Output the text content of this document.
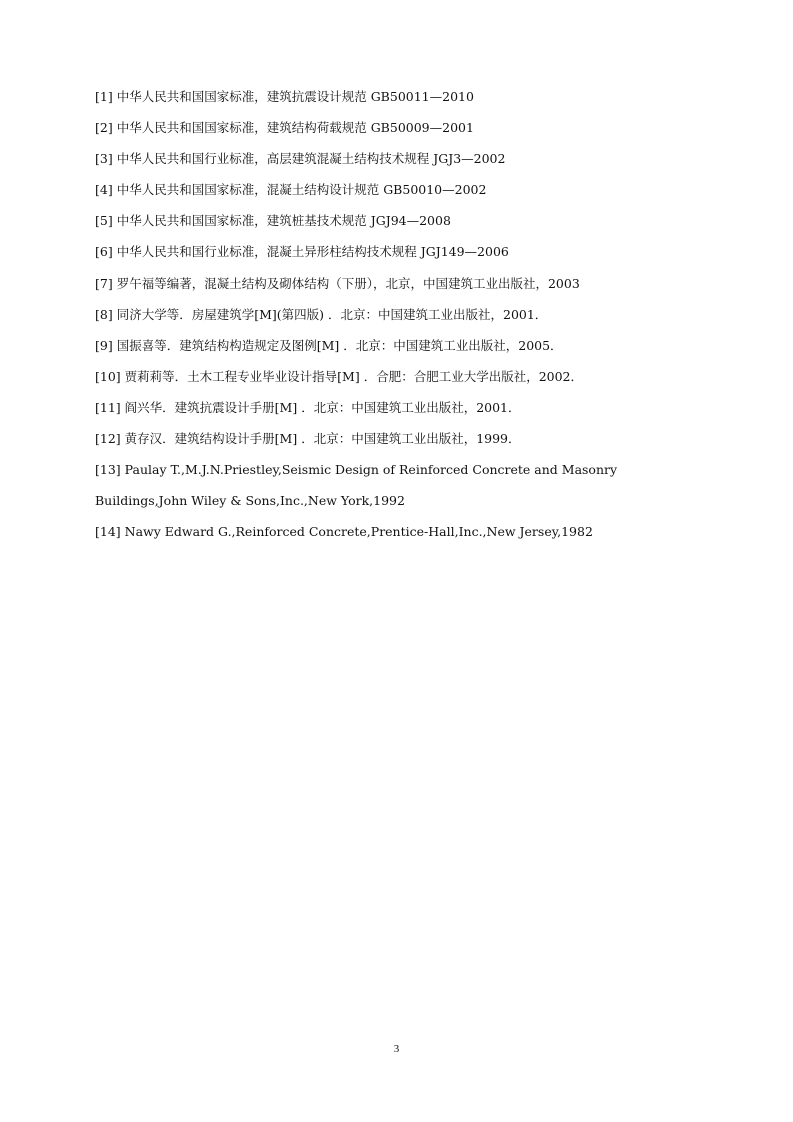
[1] 中华人民共和国国家标准，建筑抗震设计规范 GB50011—2010
[2] 中华人民共和国国家标准，建筑结构荷载规范 GB50009—2001
[3] 中华人民共和国行业标准，高层建筑混凝土结构技术规程 JGJ3—2002
[4] 中华人民共和国国家标准，混凝土结构设计规范 GB50010—2002
[5] 中华人民共和国国家标准，建筑桩基技术规范 JGJ94—2008
[6] 中华人民共和国行业标准，混凝土异形柱结构技术规程 JGJ149—2006
[7] 罗午福等编著，混凝土结构及砌体结构（下册），北京，中国建筑工业出版社，2003
[8] 同济大学等．房屋建筑学[M](第四版) ．北京：中国建筑工业出版社，2001．
[9] 国振喜等．建筑结构构造规定及图例[M] ．北京：中国建筑工业出版社，2005．
[10] 贾莉莉等．土木工程专业毕业设计指导[M] ．合肥：合肥工业大学出版社，2002．
[11] 阎兴华．建筑抗震设计手册[M] ．北京：中国建筑工业出版社，2001．
[12] 黄存汉．建筑结构设计手册[M] ．北京：中国建筑工业出版社，1999．
[13] Paulay T.,M.J.N.Priestley,Seismic Design of Reinforced Concrete and Masonry Buildings,John Wiley & Sons,Inc.,New York,1992
[14] Nawy Edward G.,Reinforced Concrete,Prentice-Hall,Inc.,New Jersey,1982
3
